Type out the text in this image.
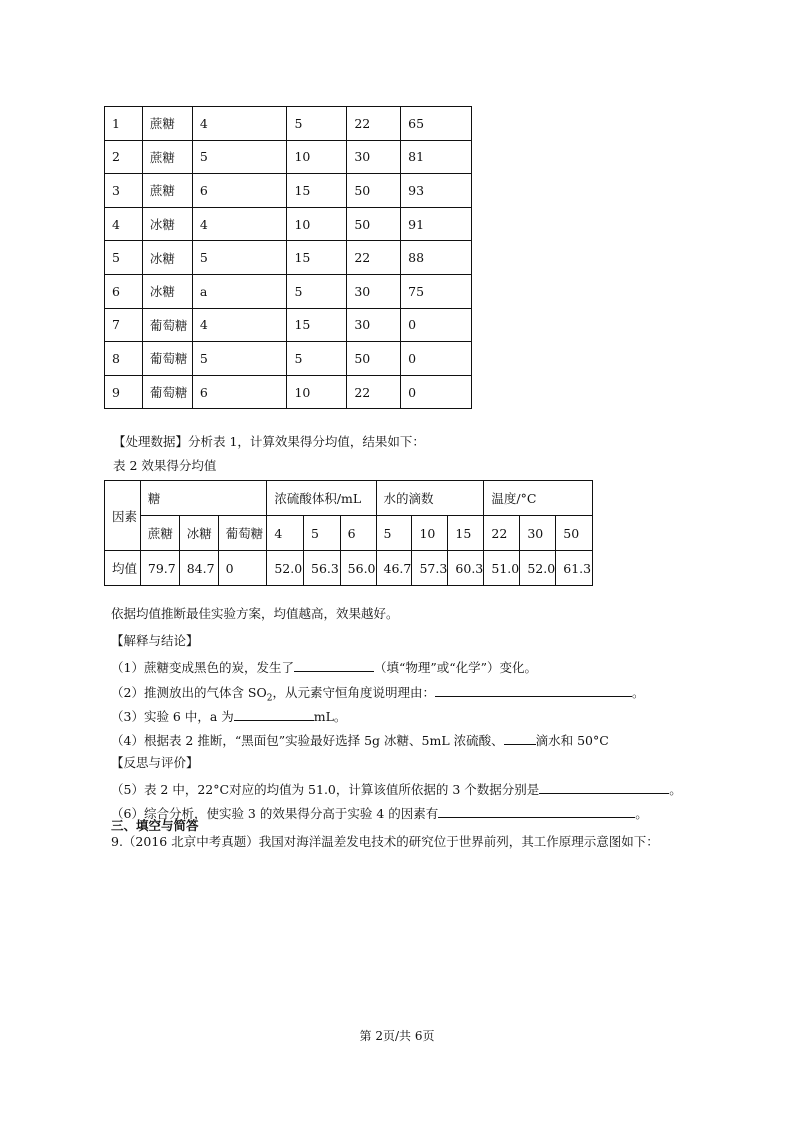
1	蔗糖	4	5	22	65
2	蔗糖	5	10	30	81
3	蔗糖	6	15	50	93
4	冰糖	4	10	50	91
5	冰糖	5	15	22	88
6	冰糖	a	5	30	75
7	葡萄糖	4	15	30	0
8	葡萄糖	5	5	50	0
9	葡萄糖	6	10	22	0
【处理数据】分析表 1，计算效果得分均值，结果如下：
表 2 效果得分均值
因素	糖			浓硫酸体积/mL			水的滴数			温度/°C		
	蔗糖	冰糖	葡萄糖	4	5	6	5	10	15	22	30	50
均值	79.7	84.7	0	52.0	56.3	56.0	46.7	57.3	60.3	51.0	52.0	61.3
依据均值推断最佳实验方案，均值越高，效果越好。
【解释与结论】
（1）蔗糖变成黑色的炭，发生了	（填“物理”或“化学”）变化。
（2）推测放出的气体含 $SO_2$，从元素守恒角度说明理由：	。
（3）实验 6 中，a 为	mL。
（4）根据表 2 推断，“黑面包”实验最好选择 5g 冰糖、5mL 浓硫酸、	滴水和 50°C
【反思与评价】
（5）表 2 中，22°C对应的均值为 51.0，计算该值所依据的 3 个数据分别是	。
（6）综合分析，使实验 3 的效果得分高于实验 4 的因素有	。
三、填空与简答
9.（2016 北京中考真题）我国对海洋温差发电技术的研究位于世界前列，其工作原理示意图如下：
第 2页/共 6页
